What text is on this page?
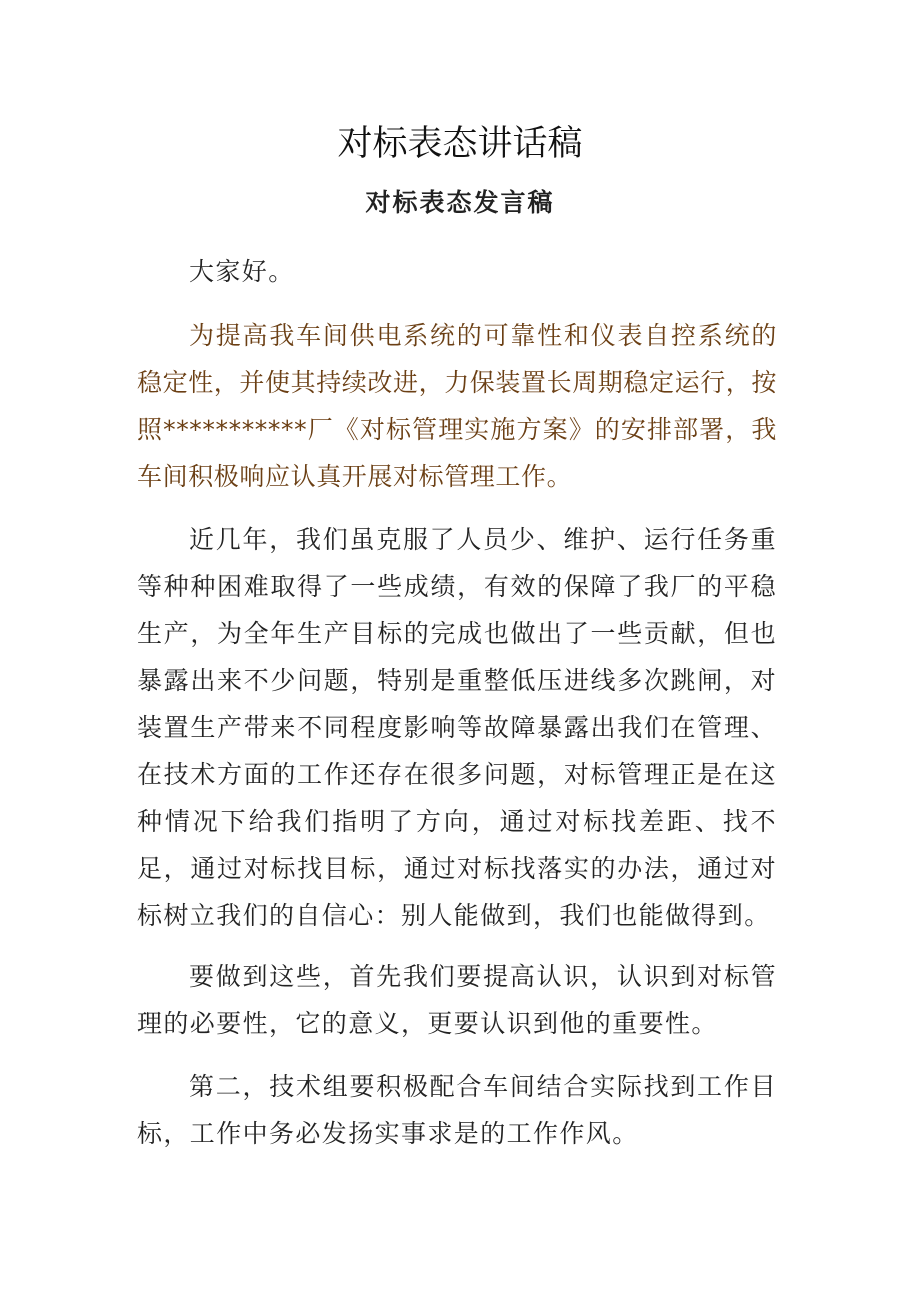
对标表态讲话稿
对标表态发言稿

大家好。

为提高我车间供电系统的可靠性和仪表自控系统的稳定性，并使其持续改进，力保装置长周期稳定运行，按照***********厂《对标管理实施方案》的安排部署，我车间积极响应认真开展对标管理工作。

近几年，我们虽克服了人员少、维护、运行任务重等种种困难取得了一些成绩，有效的保障了我厂的平稳生产，为全年生产目标的完成也做出了一些贡献，但也暴露出来不少问题，特别是重整低压进线多次跳闸，对装置生产带来不同程度影响等故障暴露出我们在管理、在技术方面的工作还存在很多问题，对标管理正是在这种情况下给我们指明了方向，通过对标找差距、找不足，通过对标找目标，通过对标找落实的办法，通过对标树立我们的自信心：别人能做到，我们也能做得到。

要做到这些，首先我们要提高认识，认识到对标管理的必要性，它的意义，更要认识到他的重要性。

第二，技术组要积极配合车间结合实际找到工作目标，工作中务必发扬实事求是的工作作风。
